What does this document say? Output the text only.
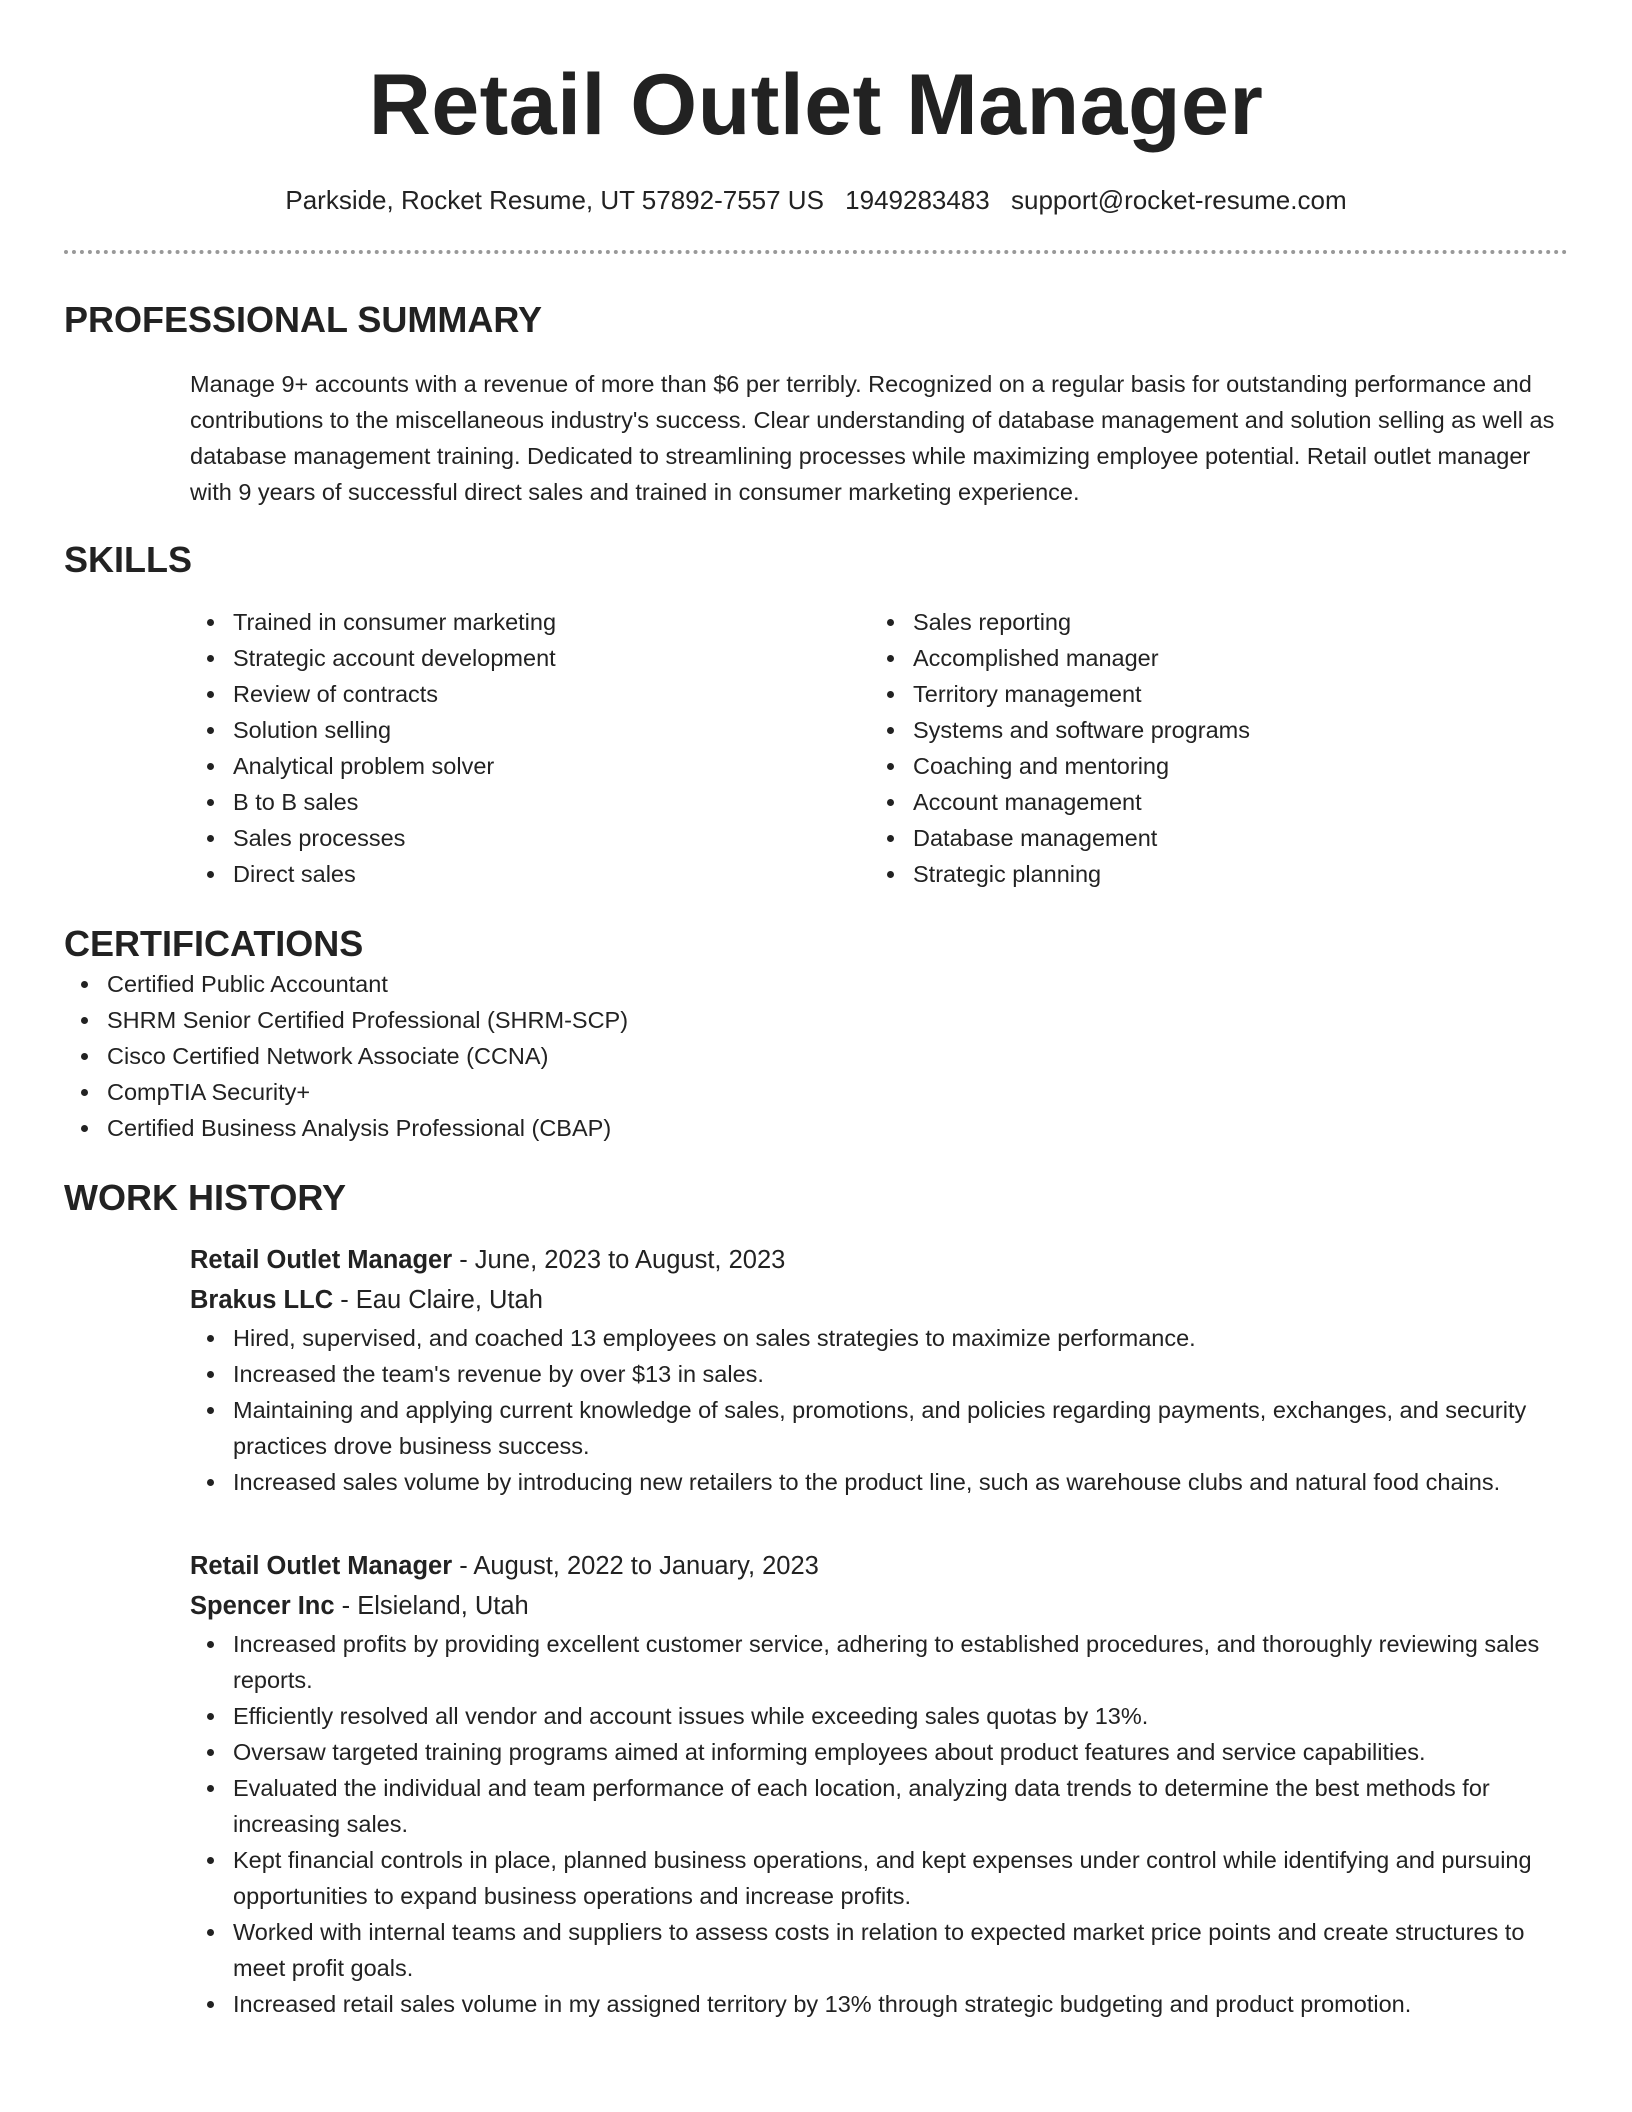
Retail Outlet Manager
Parkside, Rocket Resume, UT 57892-7557 US 1949283483 support@rocket-resume.com
PROFESSIONAL SUMMARY

Manage 9+ accounts with a revenue of more than $6 per terribly. Recognized on a regular basis for outstanding performance and contributions to the miscellaneous industry's success. Clear understanding of database management and solution selling as well as database management training. Dedicated to streamlining processes while maximizing employee potential. Retail outlet manager with 9 years of successful direct sales and trained in consumer marketing experience.

SKILLS
Trained in consumer marketing
Strategic account development
Review of contracts
Solution selling
Analytical problem solver
B to B sales
Sales processes
Direct sales
Sales reporting
Accomplished manager
Territory management
Systems and software programs
Coaching and mentoring
Account management
Database management
Strategic planning
CERTIFICATIONS
Certified Public Accountant
SHRM Senior Certified Professional (SHRM-SCP)
Cisco Certified Network Associate (CCNA)
CompTIA Security+
Certified Business Analysis Professional (CBAP)
WORK HISTORY
Retail Outlet Manager - June, 2023 to August, 2023
Brakus LLC - Eau Claire, Utah
Hired, supervised, and coached 13 employees on sales strategies to maximize performance.
Increased the team's revenue by over $13 in sales.
Maintaining and applying current knowledge of sales, promotions, and policies regarding payments, exchanges, and security practices drove business success.
Increased sales volume by introducing new retailers to the product line, such as warehouse clubs and natural food chains.
Retail Outlet Manager - August, 2022 to January, 2023
Spencer Inc - Elsieland, Utah
Increased profits by providing excellent customer service, adhering to established procedures, and thoroughly reviewing sales reports.
Efficiently resolved all vendor and account issues while exceeding sales quotas by 13%.
Oversaw targeted training programs aimed at informing employees about product features and service capabilities.
Evaluated the individual and team performance of each location, analyzing data trends to determine the best methods for increasing sales.
Kept financial controls in place, planned business operations, and kept expenses under control while identifying and pursuing opportunities to expand business operations and increase profits.
Worked with internal teams and suppliers to assess costs in relation to expected market price points and create structures to meet profit goals.
Increased retail sales volume in my assigned territory by 13% through strategic budgeting and product promotion.
